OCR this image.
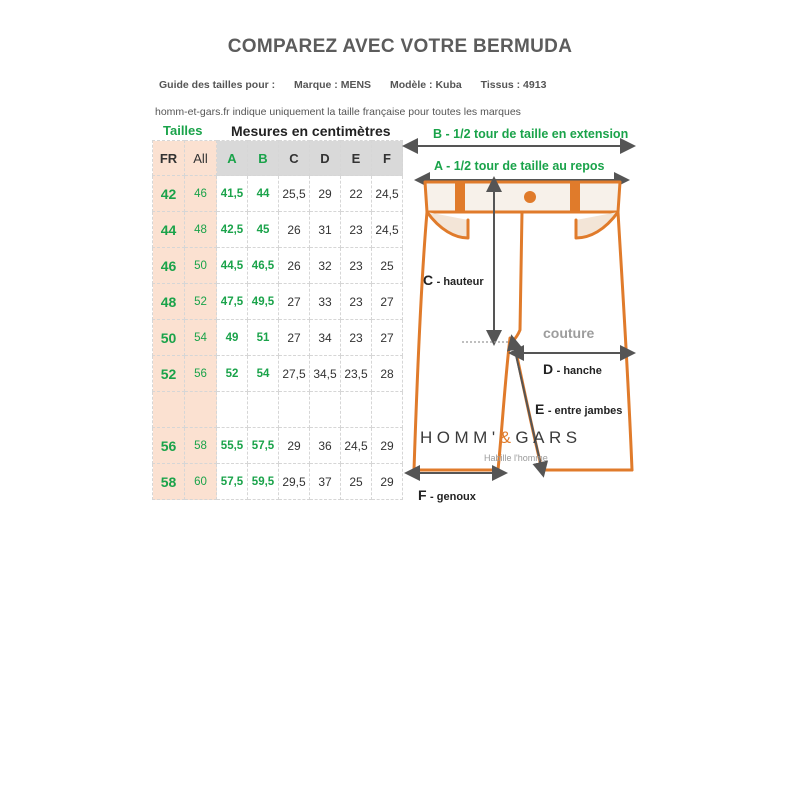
COMPAREZ AVEC VOTRE BERMUDA
Guide des tailles pour : Marque : MENS Modèle : Kuba Tissus : 4913
homm-et-gars.fr indique uniquement la taille française pour toutes les marques
Tailles Mesures en centimètres
FR	All	A	B	C	D	E	F
42	46	41,5	44	25,5	29	22	24,5
44	48	42,5	45	26	31	23	24,5
46	50	44,5	46,5	26	32	23	25
48	52	47,5	49,5	27	33	23	27
50	54	49	51	27	34	23	27
52	56	52	54	27,5	34,5	23,5	28

56	58	55,5	57,5	29	36	24,5	29
58	60	57,5	59,5	29,5	37	25	29
B - 1/2 tour de taille en extension
A - 1/2 tour de taille au repos
C - hauteur
couture
D - hanche
E - entre jambes
F - genoux
HOMM'&GARS
Habille l'homme
